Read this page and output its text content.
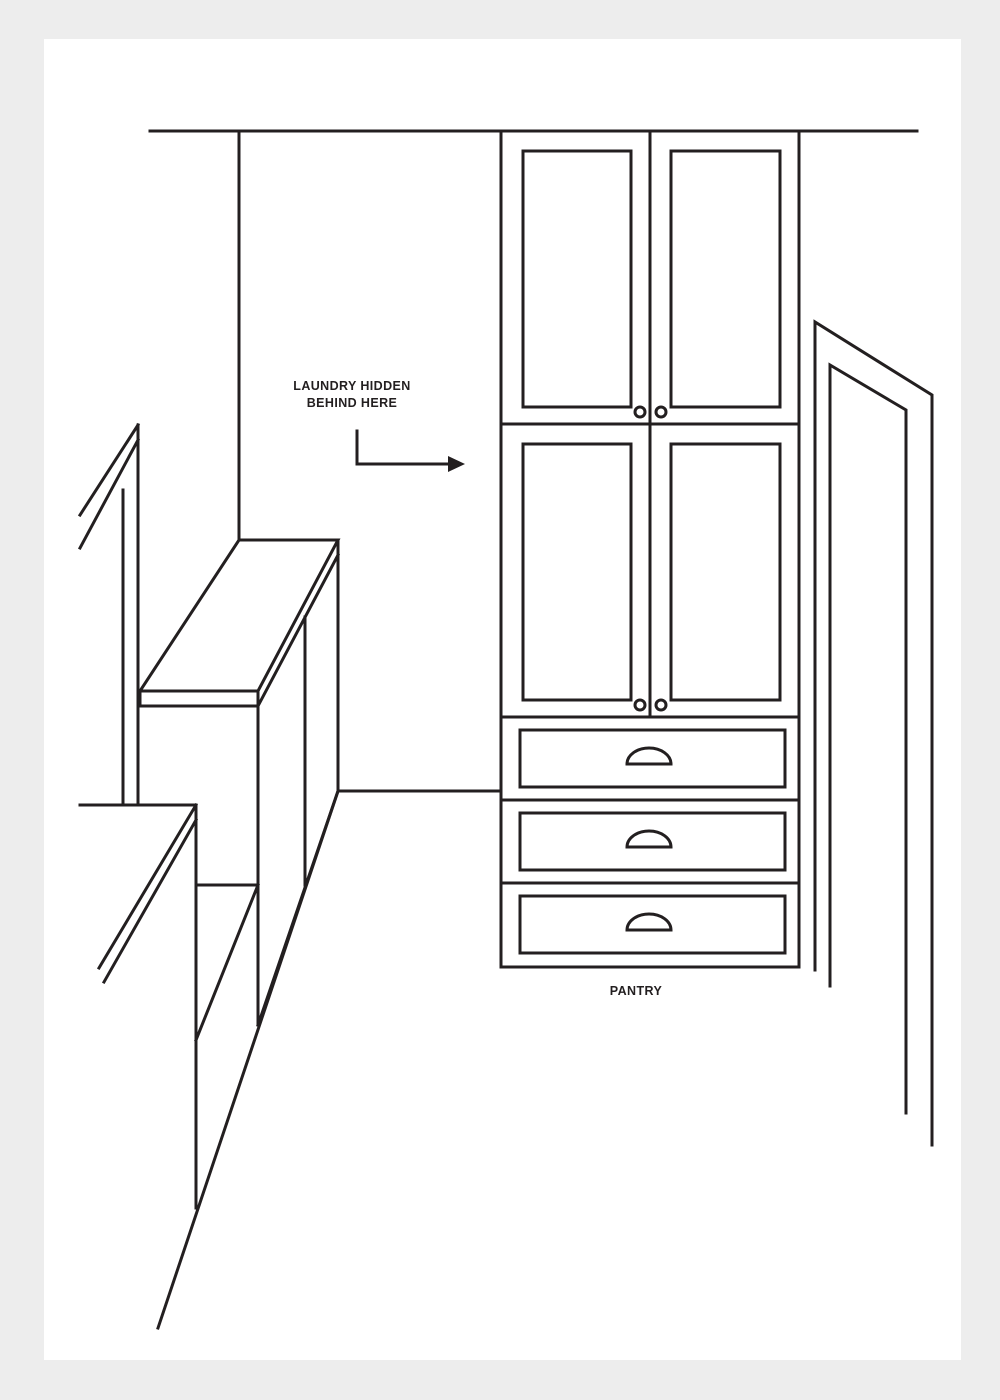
LAUNDRY HIDDEN
BEHIND HERE
PANTRY
